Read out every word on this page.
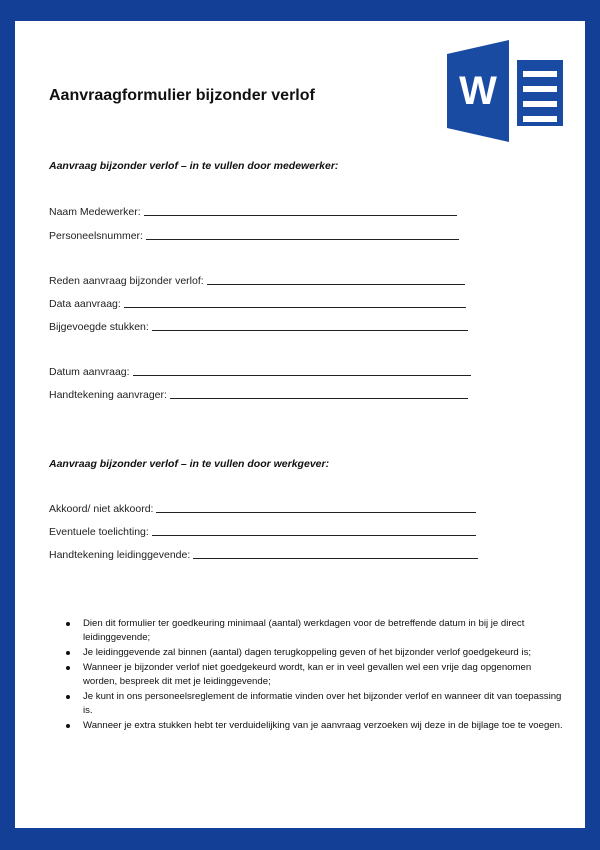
W
Aanvraagformulier bijzonder verlof
Aanvraag bijzonder verlof – in te vullen door medewerker:
Naam Medewerker:
Personeelsnummer:
Reden aanvraag bijzonder verlof:
Data aanvraag:
Bijgevoegde stukken:
Datum aanvraag:
Handtekening aanvrager:
Aanvraag bijzonder verlof – in te vullen door werkgever:
Akkoord/ niet akkoord:
Eventuele toelichting:
Handtekening leidinggevende:
Dien dit formulier ter goedkeuring minimaal (aantal) werkdagen voor de betreffende datum in bij je direct leidinggevende;
Je leidinggevende zal binnen (aantal) dagen terugkoppeling geven of het bijzonder verlof goedgekeurd is;
Wanneer je bijzonder verlof niet goedgekeurd wordt, kan er in veel gevallen wel een vrije dag opgenomen worden, bespreek dit met je leidinggevende;
Je kunt in ons personeelsreglement de informatie vinden over het bijzonder verlof en wanneer dit van toepassing is.
Wanneer je extra stukken hebt ter verduidelijking van je aanvraag verzoeken wij deze in de bijlage toe te voegen.
